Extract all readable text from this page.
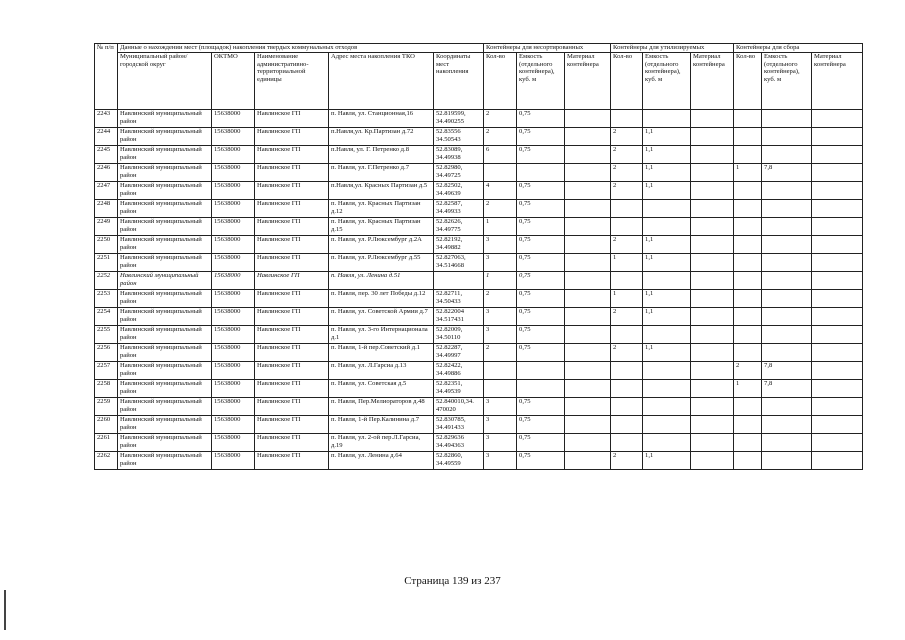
№ п/п	Данные о нахождении мест (площадок) накопления твердых коммунальных отходов					Контейнеры для несортированных			Контейнеры для утилизируемых			Контейнеры для сбора		
	Муниципальный район/городской округ	ОКТМО	Наименование административно-территориальной единицы	Адрес места накопления ТКО	Координаты мест накопления	Кол-во	Емкость (отдельного контейнера), куб. м	Материал контейнера	Кол-во	Емкость (отдельного контейнера), куб. м	Материал контейнера	Кол-во	Емкость (отдельного контейнера), куб. м	Материал контейнера
2243	Навлинский муниципальный район	15638000	Навлинское ГП	п. Навля, ул. Станционная,16	52.819599, 34.490255	2	0,75							
2244	Навлинский муниципальный район	15638000	Навлинское ГП	п.Навля,ул. Кр.Партизан д.72	52.83556 34.50543	2	0,75		2	1,1				
2245	Навлинский муниципальный район	15638000	Навлинское ГП	п.Навля, ул. Г. Петренко д.8	52.83089, 34.49938	6	0,75		2	1,1				
2246	Навлинский муниципальный район	15638000	Навлинское ГП	п. Навля, ул. Г.Петренко д.7	52.82980, 34.49725				2	1,1		1	7,8	
2247	Навлинский муниципальный район	15638000	Навлинское ГП	п.Навля,ул. Красных Партизан д.5	52.82502, 34.49639	4	0,75		2	1,1				
2248	Навлинский муниципальный район	15638000	Навлинское ГП	п. Навля, ул. Красных Партизан д.12	52.82587, 34.49933	2	0,75							
2249	Навлинский муниципальный район	15638000	Навлинское ГП	п. Навля, ул. Красных Партизан д.15	52.82626, 34.49775	1	0,75							
2250	Навлинский муниципальный район	15638000	Навлинское ГП	п. Навля, ул. Р.Люксембург д.2А	52.82192, 34.49882	3	0,75		2	1,1				
2251	Навлинский муниципальный район	15638000	Навлинское ГП	п. Навля, ул. Р.Люксембург д.55	52.827063, 34.514668	3	0,75		1	1,1				
2252	Навлинский муниципальный район	15638000	Навлинское ГП	п. Навля, ул. Ленина д.51		1	0,75							
2253	Навлинский муниципальный район	15638000	Навлинское ГП	п. Навля, пер. 30 лет Победы д.12	52.82711, 34.50433	2	0,75		1	1,1				
2254	Навлинский муниципальный район	15638000	Навлинское ГП	п. Навля, ул. Советской Армии д.7	52.822004 34.517431	3	0,75		2	1,1				
2255	Навлинский муниципальный район	15638000	Навлинское ГП	п. Навля, ул. 3-го Интернационала д.1	52.82009, 34.50110	3	0,75							
2256	Навлинский муниципальный район	15638000	Навлинское ГП	п. Навля, 1-й пер.Советский д.1	52.82287, 34.49997	2	0,75		2	1,1				
2257	Навлинский муниципальный район	15638000	Навлинское ГП	п. Навля, ул. Л.Гарсиа д.13	52.82422, 34.49886							2	7,8	
2258	Навлинский муниципальный район	15638000	Навлинское ГП	п. Навля, ул. Советская д.5	52.82351, 34.49539							1	7,8	
2259	Навлинский муниципальный район	15638000	Навлинское ГП	п. Навля, Пер.Мелиораторов д.48	52.840010,34. 470020	3	0,75							
2260	Навлинский муниципальный район	15638000	Навлинское ГП	п. Навля, 1-й Пер.Калинина д.7	52.830785, 34.491433	3	0,75							
2261	Навлинский муниципальный район	15638000	Навлинское ГП	п. Навля, ул. 2-ой пер.Л.Гарсиа, д.19	52.829636 34.494363	3	0,75							
2262	Навлинский муниципальный район	15638000	Навлинское ГП	п. Навля, ул. Ленина д.64	52.82860, 34.49559	3	0,75		2	1,1				
Страница 139 из 237
